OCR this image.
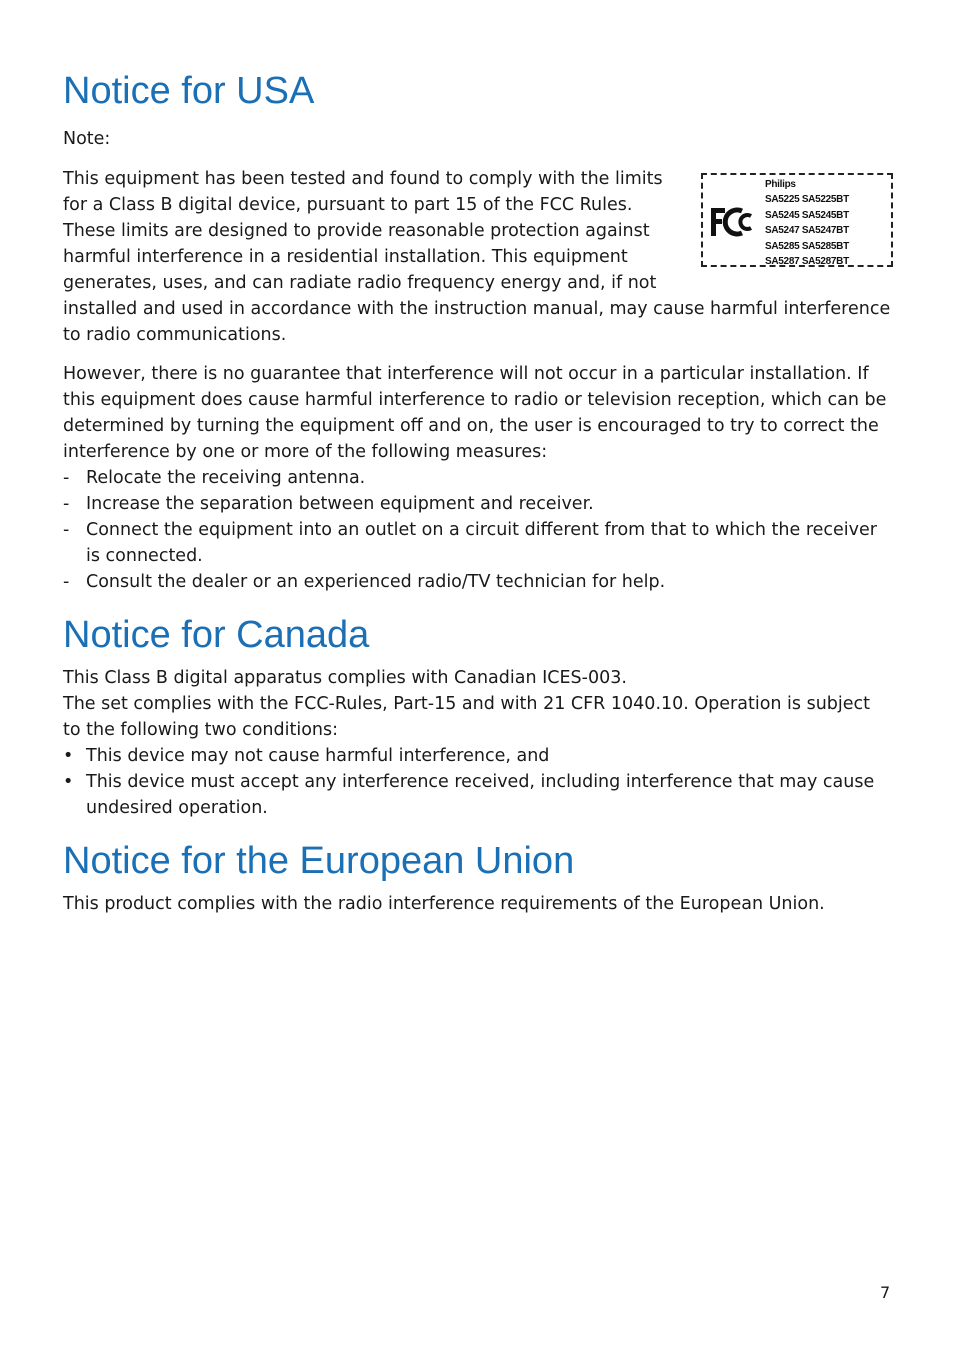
Notice for USA

Note:

FC
Philips
SA5225 SA5225BT
SA5245 SA5245BT
SA5247 SA5247BT
SA5285 SA5285BT
SA5287 SA5287BT

This equipment has been tested and found to comply with the limits for a Class B digital device, pursuant to part 15 of the FCC Rules. These limits are designed to provide reasonable protection against harmful interference in a residential installation. This equipment generates, uses, and can radiate radio frequency energy and, if not installed and used in accordance with the instruction manual, may cause harmful interference to radio communications.

However, there is no guarantee that interference will not occur in a particular installation. If this equipment does cause harmful interference to radio or television reception, which can be determined by turning the equipment off and on, the user is encouraged to try to correct the interference by one or more of the following measures:

- Relocate the receiving antenna.
- Increase the separation between equipment and receiver.
- Connect the equipment into an outlet on a circuit different from that to which the receiver is connected.
- Consult the dealer or an experienced radio/TV technician for help.
Notice for Canada

This Class B digital apparatus complies with Canadian ICES-003.

The set complies with the FCC-Rules, Part-15 and with 21 CFR 1040.10. Operation is subject to the following two conditions:

• This device may not cause harmful interference, and
• This device must accept any interference received, including interference that may cause undesired operation.
Notice for the European Union

This product complies with the radio interference requirements of the European Union.

7
